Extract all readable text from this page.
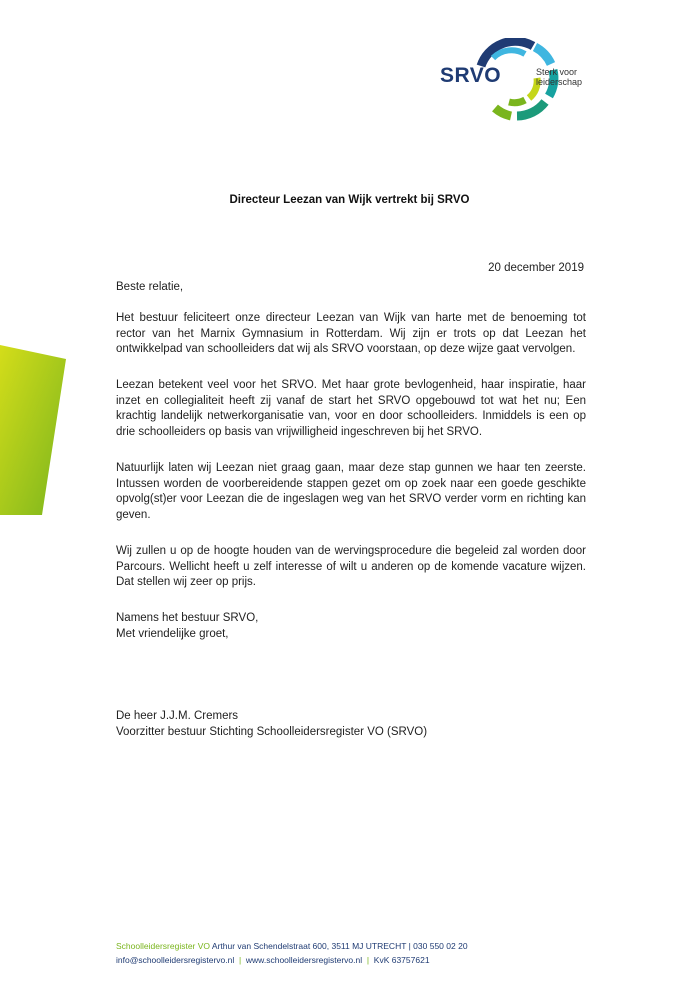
SRVO	Sterk voor
leiderschap
Directeur Leezan van Wijk vertrekt bij SRVO
20 december 2019
Beste relatie,

Het bestuur feliciteert onze directeur Leezan van Wijk van harte met de benoeming tot rector van het Marnix Gymnasium in Rotterdam. Wij zijn er trots op dat Leezan het ontwikkelpad van schoolleiders dat wij als SRVO voorstaan, op deze wijze gaat vervolgen.

Leezan betekent veel voor het SRVO. Met haar grote bevlogenheid, haar inspiratie, haar inzet en collegialiteit heeft zij vanaf de start het SRVO opgebouwd tot wat het nu; Een krachtig landelijk netwerkorganisatie van, voor en door schoolleiders. Inmiddels is een op drie schoolleiders op basis van vrijwilligheid ingeschreven bij het SRVO.

Natuurlijk laten wij Leezan niet graag gaan, maar deze stap gunnen we haar ten zeerste. Intussen worden de voorbereidende stappen gezet om op zoek naar een goede geschikte opvolg(st)er voor Leezan die de ingeslagen weg van het SRVO verder vorm en richting kan geven.

Wij zullen u op de hoogte houden van de wervingsprocedure die begeleid zal worden door Parcours. Wellicht heeft u zelf interesse of wilt u anderen op de komende vacature wijzen. Dat stellen wij zeer op prijs.

Namens het bestuur SRVO,
Met vriendelijke groet,
De heer J.J.M. Cremers
Voorzitter bestuur Stichting Schoolleidersregister VO (SRVO)
Schoolleidersregister VO Arthur van Schendelstraat 600, 3511 MJ UTRECHT | 030 550 02 20
info@schoolleidersregistervo.nl  |  www.schoolleidersregistervo.nl  |  KvK 63757621
